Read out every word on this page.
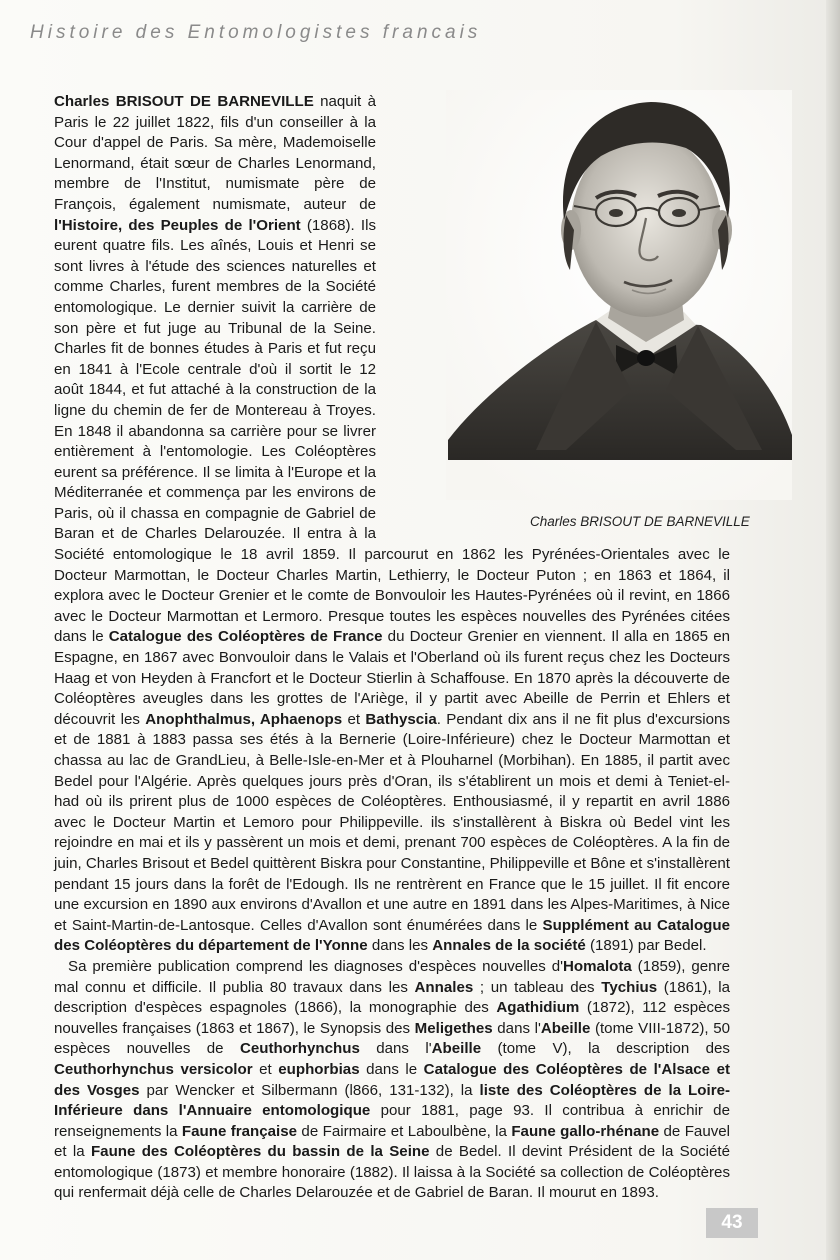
Histoire des Entomologistes francais
Charles BRISOUT DE BARNEVILLE

Charles BRISOUT DE BARNEVILLE naquit à Paris le 22 juillet 1822, fils d'un conseiller à la Cour d'appel de Paris. Sa mère, Mademoiselle Lenormand, était sœur de Charles Lenormand, membre de l'Institut, numismate père de François, également numismate, auteur de l'Histoire, des Peuples de l'Orient (1868). Ils eurent quatre fils. Les aînés, Louis et Henri se sont livres à l'étude des sciences naturelles et comme Charles, furent membres de la Société entomologique. Le dernier suivit la carrière de son père et fut juge au Tribunal de la Seine. Charles fit de bonnes études à Paris et fut reçu en 1841 à l'Ecole centrale d'où il sortit le 12 août 1844, et fut attaché à la construction de la ligne du chemin de fer de Montereau à Troyes. En 1848 il abandonna sa carrière pour se livrer entièrement à l'entomologie. Les Coléoptères eurent sa préférence. Il se limita à l'Europe et la Méditerranée et commença par les environs de Paris, où il chassa en compagnie de Gabriel de Baran et de Charles Delarouzée. Il entra à la Société entomologique le 18 avril 1859. Il parcourut en 1862 les Pyrénées-Orientales avec le Docteur Marmottan, le Docteur Charles Martin, Lethierry, le Docteur Puton ; en 1863 et 1864, il explora avec le Docteur Grenier et le comte de Bonvouloir les Hautes-Pyrénées où il revint, en 1866 avec le Docteur Marmottan et Lermoro. Presque toutes les espèces nouvelles des Pyrénées citées dans le Catalogue des Coléoptères de France du Docteur Grenier en viennent. Il alla en 1865 en Espagne, en 1867 avec Bonvouloir dans le Valais et l'Oberland où ils furent reçus chez les Docteurs Haag et von Heyden à Francfort et le Docteur Stierlin à Schaffouse. En 1870 après la découverte de Coléoptères aveugles dans les grottes de l'Ariège, il y partit avec Abeille de Perrin et Ehlers et découvrit les Anophthalmus, Aphaenops et Bathyscia. Pendant dix ans il ne fit plus d'excursions et de 1881 à 1883 passa ses étés à la Bernerie (Loire-Inférieure) chez le Docteur Marmottan et chassa au lac de GrandLieu, à Belle-Isle-en-Mer et à Plouharnel (Morbihan). En 1885, il partit avec Bedel pour l'Algérie. Après quelques jours près d'Oran, ils s'établirent un mois et demi à Teniet-el-had où ils prirent plus de 1000 espèces de Coléoptères. Enthousiasmé, il y repartit en avril 1886 avec le Docteur Martin et Lemoro pour Philippeville. ils s'installèrent à Biskra où Bedel vint les rejoindre en mai et ils y passèrent un mois et demi, prenant 700 espèces de Coléoptères. A la fin de juin, Charles Brisout et Bedel quittèrent Biskra pour Constantine, Philippeville et Bône et s'installèrent pendant 15 jours dans la forêt de l'Edough. Ils ne rentrèrent en France que le 15 juillet. Il fit encore une excursion en 1890 aux environs d'Avallon et une autre en 1891 dans les Alpes-Maritimes, à Nice et Saint-Martin-de-Lantosque. Celles d'Avallon sont énumérées dans le Supplément au Catalogue des Coléoptères du département de l'Yonne dans les Annales de la société (1891) par Bedel.

Sa première publication comprend les diagnoses d'espèces nouvelles d'Homalota (1859), genre mal connu et difficile. Il publia 80 travaux dans les Annales ; un tableau des Tychius (1861), la description d'espèces espagnoles (1866), la monographie des Agathidium (1872), 112 espèces nouvelles françaises (1863 et 1867), le Synopsis des Meligethes dans l'Abeille (tome VIII-1872), 50 espèces nouvelles de Ceuthorhynchus dans l'Abeille (tome V), la description des Ceuthorhynchus versicolor et euphorbias dans le Catalogue des Coléoptères de l'Alsace et des Vosges par Wencker et Silbermann (l866, 131-132), la liste des Coléoptères de la Loire-Inférieure dans l'Annuaire entomologique pour 1881, page 93. Il contribua à enrichir de renseignements la Faune française de Fairmaire et Laboulbène, la Faune gallo-rhénane de Fauvel et la Faune des Coléoptères du bassin de la Seine de Bedel. Il devint Président de la Société entomologique (1873) et membre honoraire (1882). Il laissa à la Société sa collection de Coléoptères qui renfermait déjà celle de Charles Delarouzée et de Gabriel de Baran. Il mourut en 1893.

43
